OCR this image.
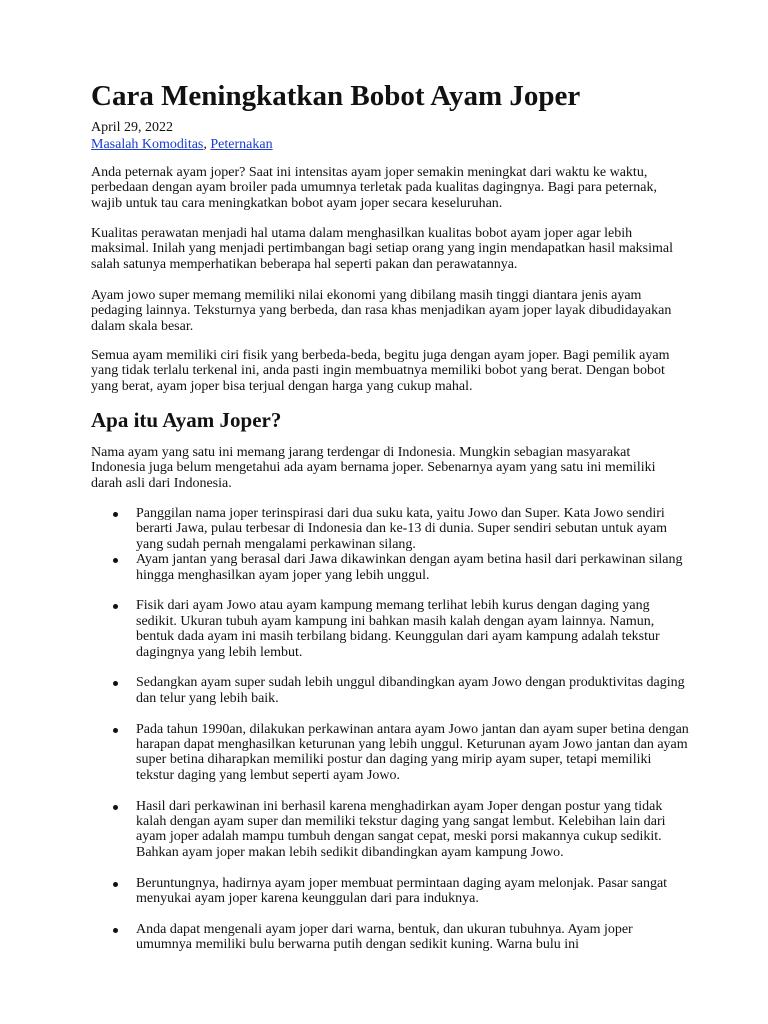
Cara Meningkatkan Bobot Ayam Joper
April 29, 2022
Masalah Komoditas, Peternakan

Anda peternak ayam joper? Saat ini intensitas ayam joper semakin meningkat dari waktu ke waktu, perbedaan dengan ayam broiler pada umumnya terletak pada kualitas dagingnya. Bagi para peternak, wajib untuk tau cara meningkatkan bobot ayam joper secara keseluruhan.

Kualitas perawatan menjadi hal utama dalam menghasilkan kualitas bobot ayam joper agar lebih maksimal. Inilah yang menjadi pertimbangan bagi setiap orang yang ingin mendapatkan hasil maksimal salah satunya memperhatikan beberapa hal seperti pakan dan perawatannya.

Ayam jowo super memang memiliki nilai ekonomi yang dibilang masih tinggi diantara jenis ayam pedaging lainnya. Teksturnya yang berbeda, dan rasa khas menjadikan ayam joper layak dibudidayakan dalam skala besar.

Semua ayam memiliki ciri fisik yang berbeda-beda, begitu juga dengan ayam joper. Bagi pemilik ayam yang tidak terlalu terkenal ini, anda pasti ingin membuatnya memiliki bobot yang berat. Dengan bobot yang berat, ayam joper bisa terjual dengan harga yang cukup mahal.

Apa itu Ayam Joper?

Nama ayam yang satu ini memang jarang terdengar di Indonesia. Mungkin sebagian masyarakat Indonesia juga belum mengetahui ada ayam bernama joper. Sebenarnya ayam yang satu ini memiliki darah asli dari Indonesia.

Panggilan nama joper terinspirasi dari dua suku kata, yaitu Jowo dan Super. Kata Jowo sendiri berarti Jawa, pulau terbesar di Indonesia dan ke-13 di dunia. Super sendiri sebutan untuk ayam yang sudah pernah mengalami perkawinan silang.
Ayam jantan yang berasal dari Jawa dikawinkan dengan ayam betina hasil dari perkawinan silang hingga menghasilkan ayam joper yang lebih unggul.
Fisik dari ayam Jowo atau ayam kampung memang terlihat lebih kurus dengan daging yang sedikit. Ukuran tubuh ayam kampung ini bahkan masih kalah dengan ayam lainnya. Namun, bentuk dada ayam ini masih terbilang bidang. Keunggulan dari ayam kampung adalah tekstur dagingnya yang lebih lembut.
Sedangkan ayam super sudah lebih unggul dibandingkan ayam Jowo dengan produktivitas daging dan telur yang lebih baik.
Pada tahun 1990an, dilakukan perkawinan antara ayam Jowo jantan dan ayam super betina dengan harapan dapat menghasilkan keturunan yang lebih unggul. Keturunan ayam Jowo jantan dan ayam super betina diharapkan memiliki postur dan daging yang mirip ayam super, tetapi memiliki tekstur daging yang lembut seperti ayam Jowo.
Hasil dari perkawinan ini berhasil karena menghadirkan ayam Joper dengan postur yang tidak kalah dengan ayam super dan memiliki tekstur daging yang sangat lembut. Kelebihan lain dari ayam joper adalah mampu tumbuh dengan sangat cepat, meski porsi makannya cukup sedikit. Bahkan ayam joper makan lebih sedikit dibandingkan ayam kampung Jowo.
Beruntungnya, hadirnya ayam joper membuat permintaan daging ayam melonjak. Pasar sangat menyukai ayam joper karena keunggulan dari para induknya.
Anda dapat mengenali ayam joper dari warna, bentuk, dan ukuran tubuhnya. Ayam joper umumnya memiliki bulu berwarna putih dengan sedikit kuning. Warna bulu ini
